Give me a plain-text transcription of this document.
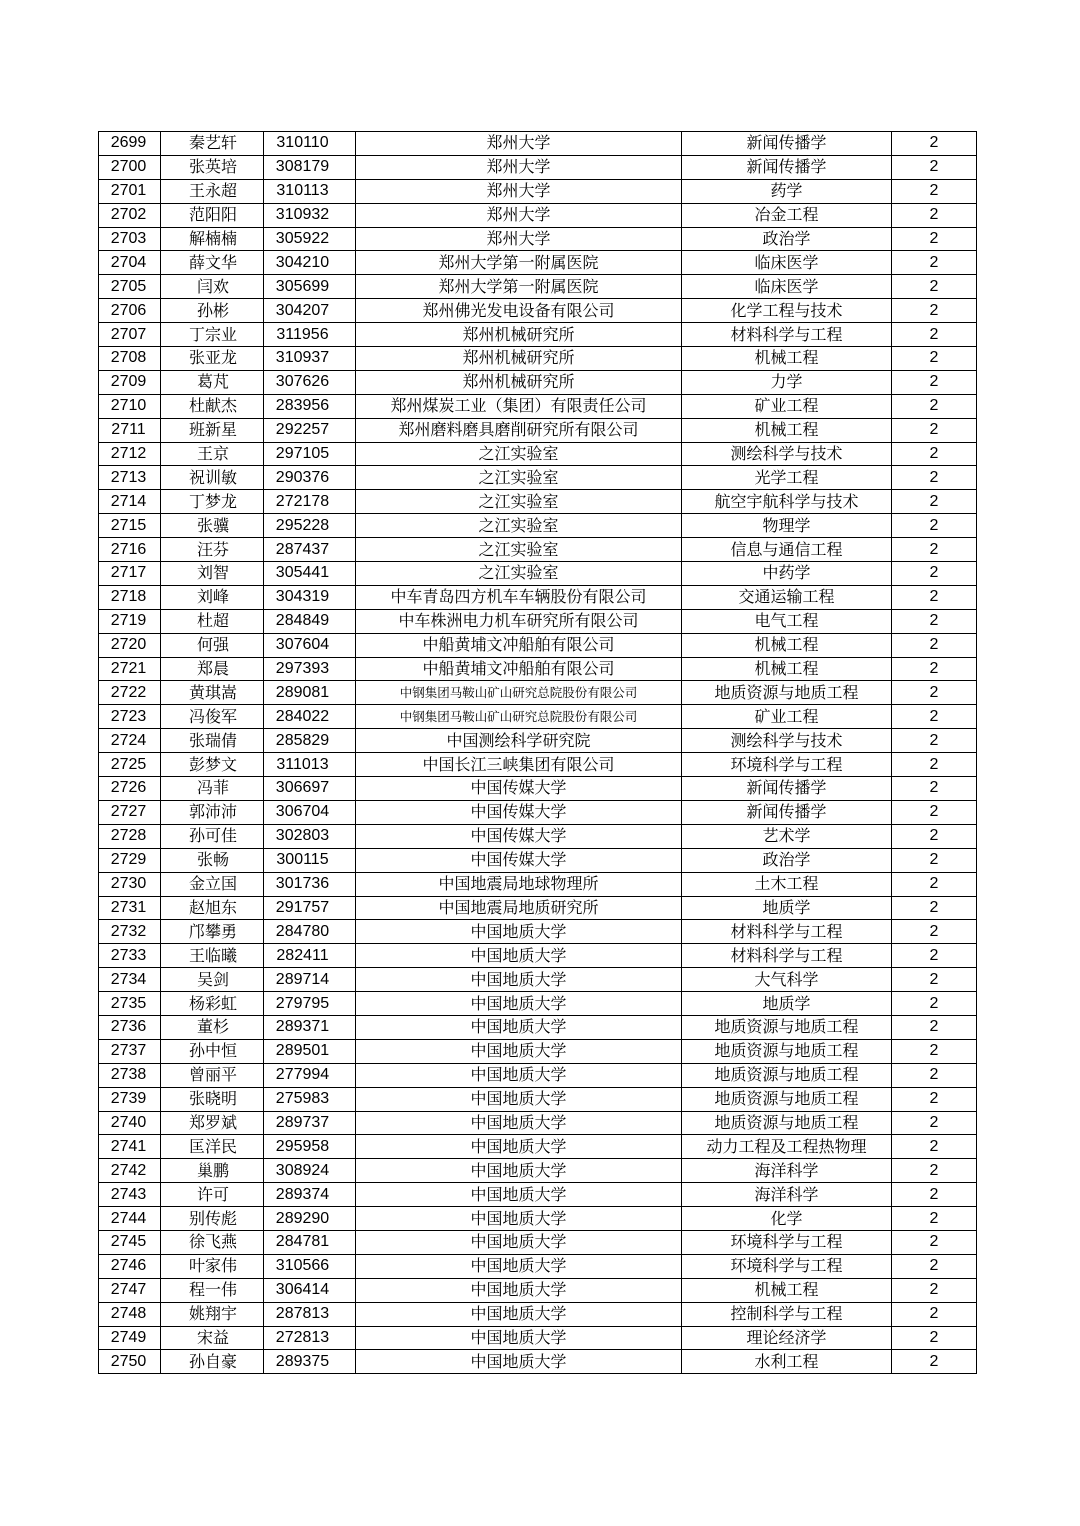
2699	秦艺轩	310110	郑州大学	新闻传播学	2
2700	张英培	308179	郑州大学	新闻传播学	2
2701	王永超	310113	郑州大学	药学	2
2702	范阳阳	310932	郑州大学	冶金工程	2
2703	解楠楠	305922	郑州大学	政治学	2
2704	薛文华	304210	郑州大学第一附属医院	临床医学	2
2705	闫欢	305699	郑州大学第一附属医院	临床医学	2
2706	孙彬	304207	郑州佛光发电设备有限公司	化学工程与技术	2
2707	丁宗业	311956	郑州机械研究所	材料科学与工程	2
2708	张亚龙	310937	郑州机械研究所	机械工程	2
2709	葛芃	307626	郑州机械研究所	力学	2
2710	杜献杰	283956	郑州煤炭工业（集团）有限责任公司	矿业工程	2
2711	班新星	292257	郑州磨料磨具磨削研究所有限公司	机械工程	2
2712	王京	297105	之江实验室	测绘科学与技术	2
2713	祝训敏	290376	之江实验室	光学工程	2
2714	丁梦龙	272178	之江实验室	航空宇航科学与技术	2
2715	张骥	295228	之江实验室	物理学	2
2716	汪芬	287437	之江实验室	信息与通信工程	2
2717	刘智	305441	之江实验室	中药学	2
2718	刘峰	304319	中车青岛四方机车车辆股份有限公司	交通运输工程	2
2719	杜超	284849	中车株洲电力机车研究所有限公司	电气工程	2
2720	何强	307604	中船黄埔文冲船舶有限公司	机械工程	2
2721	郑晨	297393	中船黄埔文冲船舶有限公司	机械工程	2
2722	黄琪嵩	289081	中钢集团马鞍山矿山研究总院股份有限公司	地质资源与地质工程	2
2723	冯俊军	284022	中钢集团马鞍山矿山研究总院股份有限公司	矿业工程	2
2724	张瑞倩	285829	中国测绘科学研究院	测绘科学与技术	2
2725	彭梦文	311013	中国长江三峡集团有限公司	环境科学与工程	2
2726	冯菲	306697	中国传媒大学	新闻传播学	2
2727	郭沛沛	306704	中国传媒大学	新闻传播学	2
2728	孙可佳	302803	中国传媒大学	艺术学	2
2729	张畅	300115	中国传媒大学	政治学	2
2730	金立国	301736	中国地震局地球物理所	土木工程	2
2731	赵旭东	291757	中国地震局地质研究所	地质学	2
2732	邝攀勇	284780	中国地质大学	材料科学与工程	2
2733	王临曦	282411	中国地质大学	材料科学与工程	2
2734	吴剑	289714	中国地质大学	大气科学	2
2735	杨彩虹	279795	中国地质大学	地质学	2
2736	董杉	289371	中国地质大学	地质资源与地质工程	2
2737	孙中恒	289501	中国地质大学	地质资源与地质工程	2
2738	曾丽平	277994	中国地质大学	地质资源与地质工程	2
2739	张晓明	275983	中国地质大学	地质资源与地质工程	2
2740	郑罗斌	289737	中国地质大学	地质资源与地质工程	2
2741	匡洋民	295958	中国地质大学	动力工程及工程热物理	2
2742	巢鹏	308924	中国地质大学	海洋科学	2
2743	许可	289374	中国地质大学	海洋科学	2
2744	别传彪	289290	中国地质大学	化学	2
2745	徐飞燕	284781	中国地质大学	环境科学与工程	2
2746	叶家伟	310566	中国地质大学	环境科学与工程	2
2747	程一伟	306414	中国地质大学	机械工程	2
2748	姚翔宇	287813	中国地质大学	控制科学与工程	2
2749	宋益	272813	中国地质大学	理论经济学	2
2750	孙自豪	289375	中国地质大学	水利工程	2
